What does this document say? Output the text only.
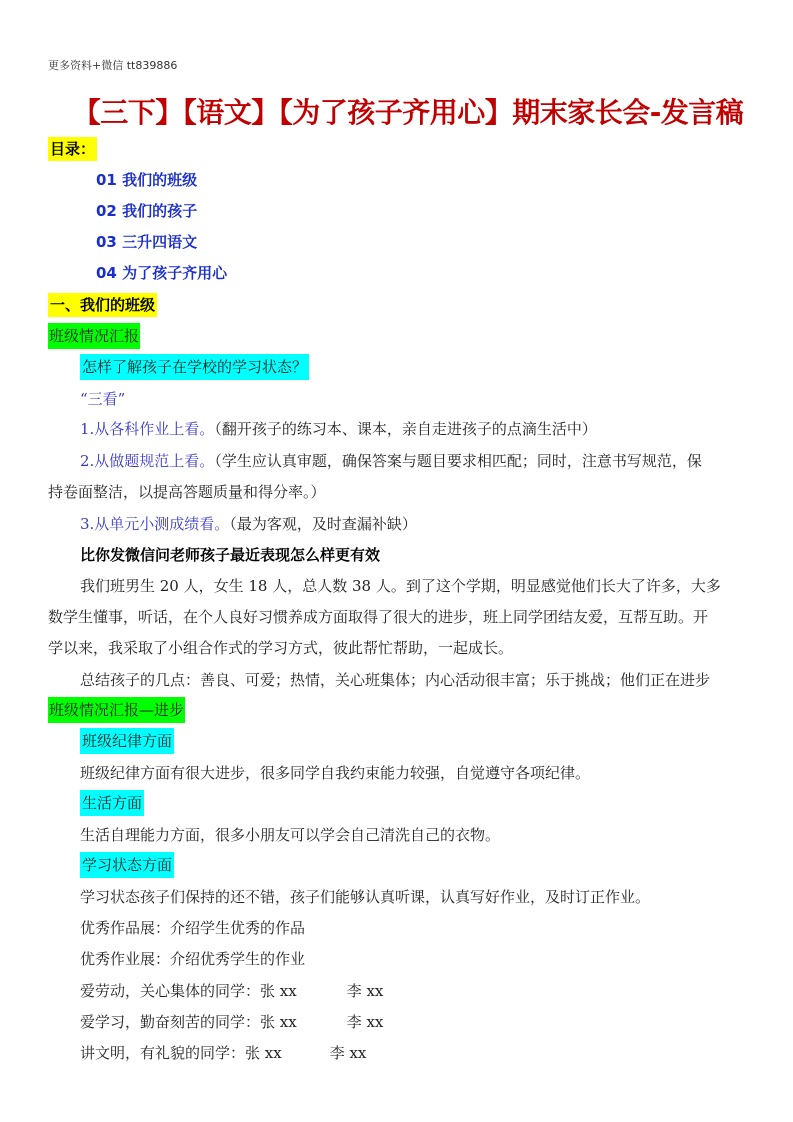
更多资料+微信 tt839886
【三下】【语文】【为了孩子齐用心】期末家长会-发言稿
目录：
01 我们的班级
02 我们的孩子
03 三升四语文
04 为了孩子齐用心
一、我们的班级
班级情况汇报
怎样了解孩子在学校的学习状态？
“三看”
1.从各科作业上看。（翻开孩子的练习本、课本，亲自走进孩子的点滴生活中）
2.从做题规范上看。（学生应认真审题，确保答案与题目要求相匹配；同时，注意书写规范，保
持卷面整洁，以提高答题质量和得分率。）
3.从单元小测成绩看。（最为客观，及时查漏补缺）
比你发微信问老师孩子最近表现怎么样更有效
我们班男生 20 人，女生 18 人，总人数 38 人。到了这个学期，明显感觉他们长大了许多，大多
数学生懂事，听话，在个人良好习惯养成方面取得了很大的进步，班上同学团结友爱，互帮互助。开
学以来，我采取了小组合作式的学习方式，彼此帮忙帮助，一起成长。
总结孩子的几点：善良、可爱；热情，关心班集体；内心活动很丰富；乐于挑战；他们正在进步
班级情况汇报—进步
班级纪律方面
班级纪律方面有很大进步，很多同学自我约束能力较强，自觉遵守各项纪律。
生活方面
生活自理能力方面，很多小朋友可以学会自己清洗自己的衣物。
学习状态方面
学习状态孩子们保持的还不错，孩子们能够认真听课，认真写好作业，及时订正作业。
优秀作品展：介绍学生优秀的作品
优秀作业展：介绍优秀学生的作业
爱劳动，关心集体的同学：张 xx	李 xx
爱学习，勤奋刻苦的同学：张 xx	李 xx
讲文明，有礼貌的同学：张 xx	李 xx
